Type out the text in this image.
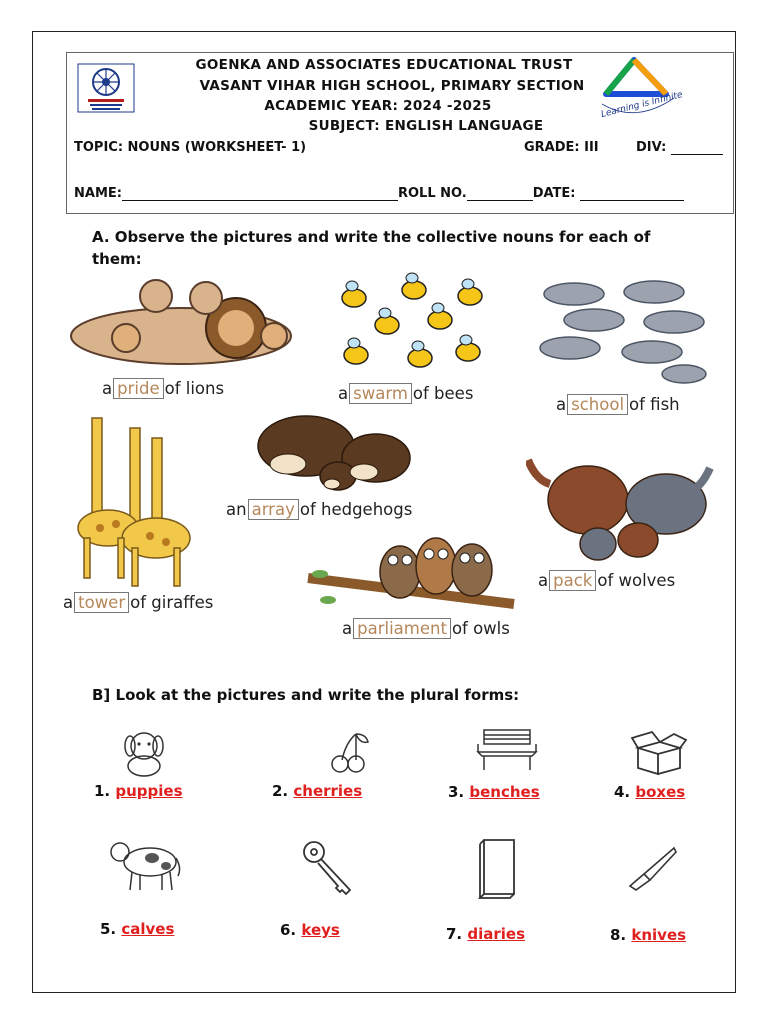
Learning is Infinite
GOENKA AND ASSOCIATES EDUCATIONAL TRUST
VASANT VIHAR HIGH SCHOOL, PRIMARY SECTION
ACADEMIC YEAR: 2024 -2025
SUBJECT: ENGLISH LANGUAGE
TOPIC: NOUNS (WORKSHEET- 1)	GRADE: III	DIV:
NAME:	ROLL NO.	DATE:
A. Observe the pictures and write the collective nouns for each of them:
a pride of lions	a swarm of bees
a school of fish
a tower of giraffes
an array of hedgehogs
a pack of wolves
a parliament of owls
B] Look at the pictures and write the plural forms:
1. puppies	2. cherries	3. benches	4. boxes
5. calves	6. keys	7. diaries	8. knives
